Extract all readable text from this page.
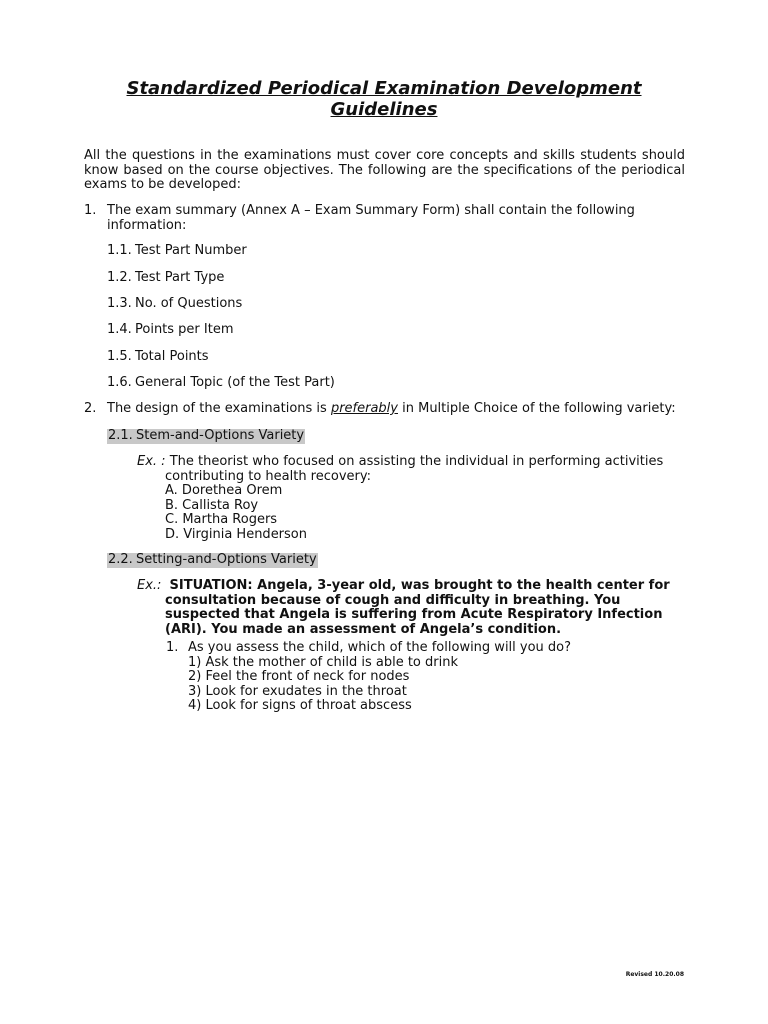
Standardized Periodical Examination Development
Guidelines
All the questions in the examinations must cover core concepts and skills students should know based on the course objectives. The following are the specifications of the periodical exams to be developed:
1. The exam summary (Annex A – Exam Summary Form) shall contain the following information:
1.1. Test Part Number
1.2. Test Part Type
1.3. No. of Questions
1.4. Points per Item
1.5. Total Points
1.6. General Topic (of the Test Part)
2. The design of the examinations is preferably in Multiple Choice of the following variety:
2.1. Stem-and-Options Variety
Ex. : The theorist who focused on assisting the individual in performing activities
contributing to health recovery:
A. Dorethea Orem
B. Callista Roy
C. Martha Rogers
D. Virginia Henderson
2.2. Setting-and-Options Variety
Ex.: SITUATION: Angela, 3-year old, was brought to the health center for
consultation because of cough and difficulty in breathing. You
suspected that Angela is suffering from Acute Respiratory Infection
(ARI). You made an assessment of Angela’s condition.
1. As you assess the child, which of the following will you do?
1) Ask the mother of child is able to drink
2) Feel the front of neck for nodes
3) Look for exudates in the throat
4) Look for signs of throat abscess
Revised 10.20.08
